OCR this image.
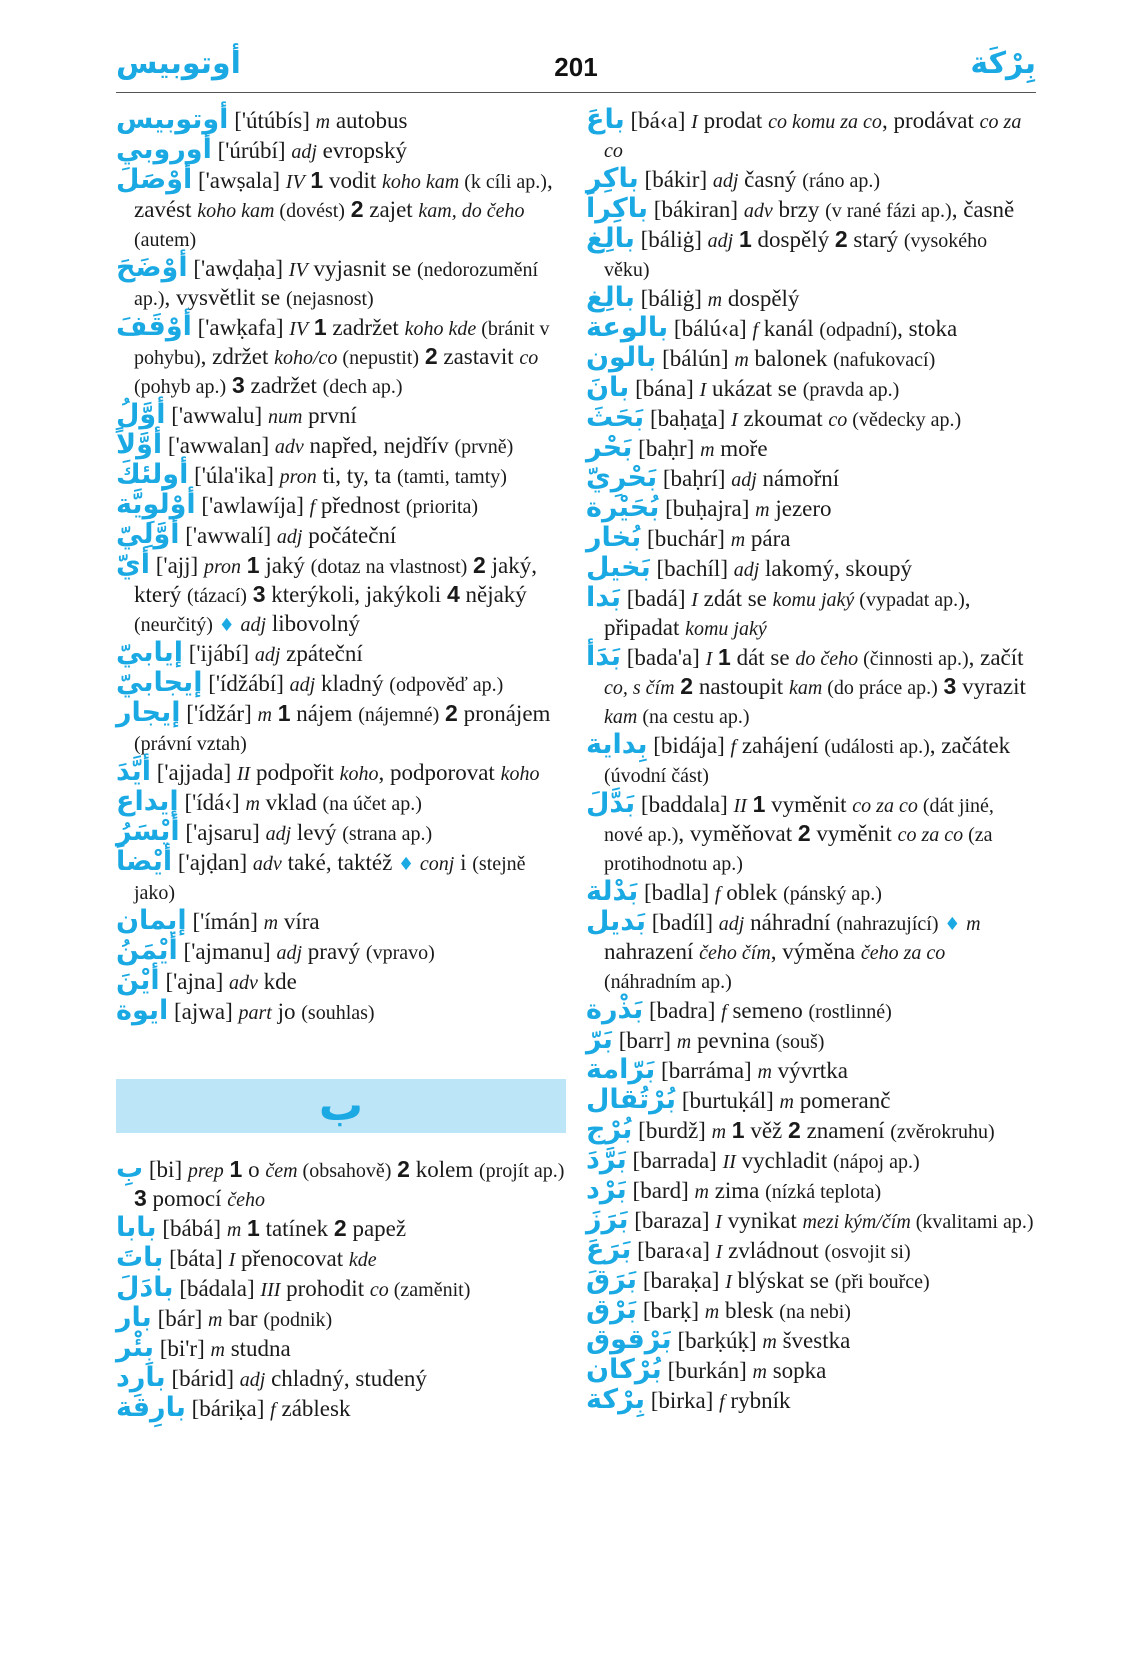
أوتوبيس	201	بِرْكَة
أوتوبيس ['útúbís] m autobus
أوروبي ['úrúbí] adj evropský
أوْصَلَ ['awṣala] IV 1 vodit koho kam (k cíli ap.), zavést koho kam (dovést) 2 zajet kam, do čeho (autem)
أوْضَحَ ['awḍaḥa] IV vyjasnit se (nedorozumění ap.), vysvětlit se (nejasnost)
أوْقَفَ ['awḳafa] IV 1 zadržet koho kde (bránit v pohybu), zdržet koho/co (nepustit) 2 zastavit co (pohyb ap.) 3 zadržet (dech ap.)
أوَّلُ ['awwalu] num první
أوَّلاً ['awwalan] adv napřed, nejdřív (prvně)
أولئكَ ['úla'ika] pron ti, ty, ta (tamti, tamty)
أوْلَوِيَّة ['awlawíja] f přednost (priorita)
أوَّلِيّ ['awwalí] adj počáteční
أيّ ['ajj] pron 1 jaký (dotaz na vlastnost) 2 jaký, který (tázací) 3 kterýkoli, jakýkoli 4 nějaký (neurčitý) ♦ adj libovolný
إيابيّ ['ijábí] adj zpáteční
إيجابيّ ['ídžábí] adj kladný (odpověď ap.)
إيجار ['ídžár] m 1 nájem (nájemné) 2 pronájem (právní vztah)
أيَّدَ ['ajjada] II podpořit koho, podporovat koho
إيداع ['ídá‹] m vklad (na účet ap.)
أيْسَرُ ['ajsaru] adj levý (strana ap.)
أيْضاً ['ajḍan] adv také, taktéž ♦ conj i (stejně jako)
إيمان ['ímán] m víra
أيْمَنُ ['ajmanu] adj pravý (vpravo)
أيْنَ ['ajna] adv kde
ايوة [ajwa] part jo (souhlas)
ب
بِ [bi] prep 1 o čem (obsahově) 2 kolem (projít ap.) 3 pomocí čeho
بابا [bábá] m 1 tatínek 2 papež
باتَ [báta] I přenocovat kde
بادَلَ [bádala] III prohodit co (zaměnit)
بار [bár] m bar (podnik)
بِئْر [bi'r] m studna
بارِد [bárid] adj chladný, studený
بارِقة [báriḳa] f záblesk
باعَ [bá‹a] I prodat co komu za co, prodávat co za co
باكِر [bákir] adj časný (ráno ap.)
باكِراً [bákiran] adv brzy (v rané fázi ap.), časně
بالِغ [báliġ] adj 1 dospělý 2 starý (vysokého věku)
بالِغ [báliġ] m dospělý
بالوعة [bálú‹a] f kanál (odpadní), stoka
بالون [bálún] m balonek (nafukovací)
بانَ [bána] I ukázat se (pravda ap.)
بَحَثَ [baḥaṯa] I zkoumat co (vědecky ap.)
بَحْر [baḥr] m moře
بَحْرِيّ [baḥrí] adj námořní
بُحَيْرة [buḥajra] m jezero
بُخار [buchár] m pára
بَخيل [bachíl] adj lakomý, skoupý
بَدا [badá] I zdát se komu jaký (vypadat ap.), připadat komu jaký
بَدَأ [bada'a] I 1 dát se do čeho (činnosti ap.), začít co, s čím 2 nastoupit kam (do práce ap.) 3 vyrazit kam (na cestu ap.)
بِداية [bidája] f zahájení (události ap.), začátek (úvodní část)
بَدَّلَ [baddala] II 1 vyměnit co za co (dát jiné, nové ap.), vyměňovat 2 vyměnit co za co (za protihodnotu ap.)
بَدْلة [badla] f oblek (pánský ap.)
بَديل [badíl] adj náhradní (nahrazující) ♦ m nahrazení čeho čím, výměna čeho za co (náhradním ap.)
بَذْرة [badra] f semeno (rostlinné)
بَرّ [barr] m pevnina (souš)
بَرّامة [barráma] m vývrtka
بُرْتُقال [burtuḳál] m pomeranč
بُرْج [burdž] m 1 věž 2 znamení (zvěrokruhu)
بَرَّدَ [barrada] II vychladit (nápoj ap.)
بَرْد [bard] m zima (nízká teplota)
بَرَزَ [baraza] I vynikat mezi kým/čím (kvalitami ap.)
بَرَعَ [bara‹a] I zvládnout (osvojit si)
بَرَقَ [baraḳa] I blýskat se (při bouřce)
بَرْق [barḳ] m blesk (na nebi)
بَرْقوق [barḳúḳ] m švestka
بُرْكان [burkán] m sopka
بِرْكة [birka] f rybník
